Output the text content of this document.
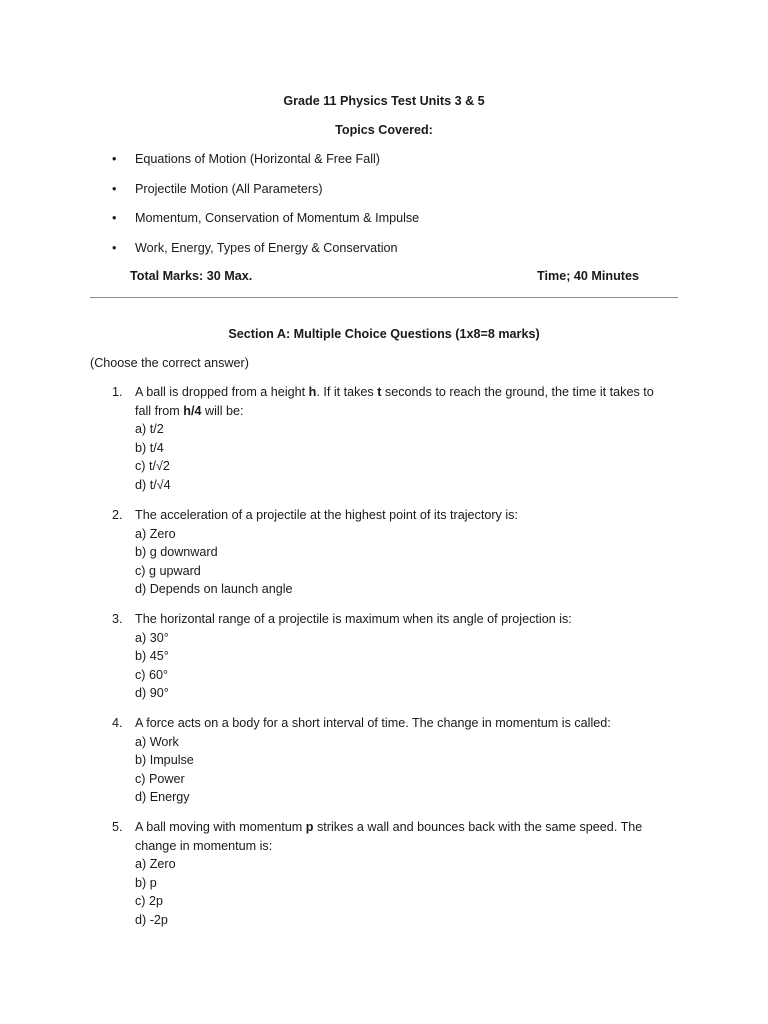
Grade 11 Physics Test Units 3 & 5
Topics Covered:
• Equations of Motion (Horizontal & Free Fall)
• Projectile Motion (All Parameters)
• Momentum, Conservation of Momentum & Impulse
• Work, Energy, Types of Energy & Conservation
Total Marks: 30 Max.	Time; 40 Minutes
Section A: Multiple Choice Questions (1x8=8 marks)
(Choose the correct answer)
1. A ball is dropped from a height h. If it takes t seconds to reach the ground, the time it takes to
fall from h/4 will be:
a) t/2
b) t/4
c) t/√2
d) t/√4
2. The acceleration of a projectile at the highest point of its trajectory is:
a) Zero
b) g downward
c) g upward
d) Depends on launch angle
3. The horizontal range of a projectile is maximum when its angle of projection is:
a) 30°
b) 45°
c) 60°
d) 90°
4. A force acts on a body for a short interval of time. The change in momentum is called:
a) Work
b) Impulse
c) Power
d) Energy
5. A ball moving with momentum p strikes a wall and bounces back with the same speed. The
change in momentum is:
a) Zero
b) p
c) 2p
d) -2p
